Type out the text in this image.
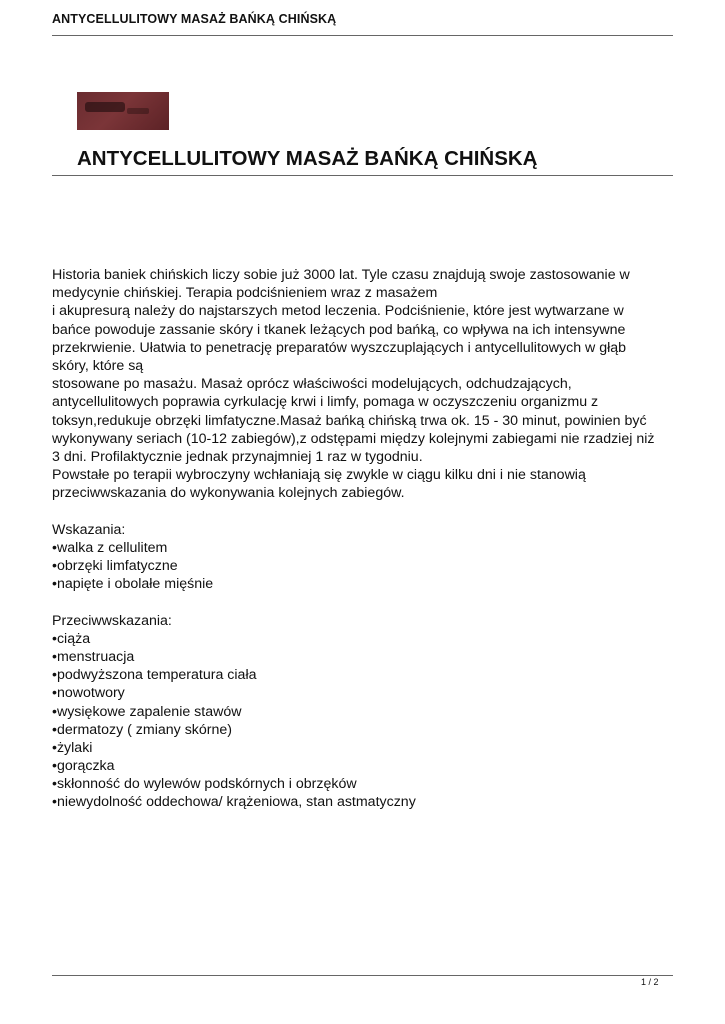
ANTYCELLULITOWY MASAŻ BAŃKĄ CHIŃSKĄ
ANTYCELLULITOWY MASAŻ BAŃKĄ CHIŃSKĄ
Historia baniek chińskich liczy sobie już 3000 lat. Tyle czasu znajdują swoje zastosowanie w
medycynie chińskiej. Terapia podciśnieniem wraz z masażem
i akupresurą należy do najstarszych metod leczenia. Podciśnienie, które jest wytwarzane w
bańce powoduje zassanie skóry i tkanek leżących pod bańką, co wpływa na ich intensywne
przekrwienie. Ułatwia to penetrację preparatów wyszczuplających i antycellulitowych w głąb
skóry, które są
stosowane po masażu. Masaż oprócz właściwości modelujących, odchudzających,
antycellulitowych poprawia cyrkulację krwi i limfy, pomaga w oczyszczeniu organizmu z
toksyn,redukuje obrzęki limfatyczne.Masaż bańką chińską trwa ok. 15 - 30 minut, powinien być
wykonywany seriach (10-12 zabiegów),z odstępami między kolejnymi zabiegami nie rzadziej niż
3 dni. Profilaktycznie jednak przynajmniej 1 raz w tygodniu.
Powstałe po terapii wybroczyny wchłaniają się zwykle w ciągu kilku dni i nie stanowią
przeciwwskazania do wykonywania kolejnych zabiegów.
Wskazania:
•walka z cellulitem
•obrzęki limfatyczne
•napięte i obolałe mięśnie
Przeciwwskazania:
•ciąża
•menstruacja
•podwyższona temperatura ciała
•nowotwory
•wysiękowe zapalenie stawów
•dermatozy ( zmiany skórne)
•żylaki
•gorączka
•skłonność do wylewów podskórnych i obrzęków
•niewydolność oddechowa/ krążeniowa, stan astmatyczny
1 / 2
